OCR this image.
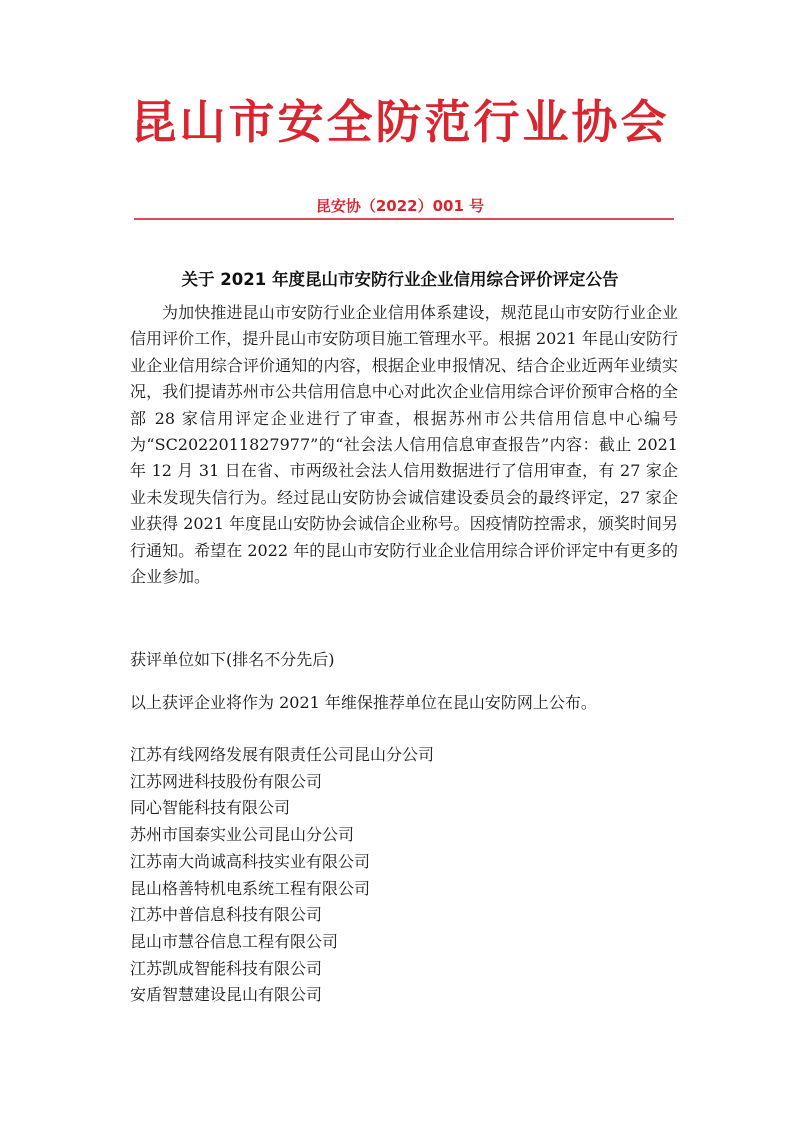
昆山市安全防范行业协会
昆安协（2022）001 号
关于 2021 年度昆山市安防行业企业信用综合评价评定公告

为加快推进昆山市安防行业企业信用体系建设，规范昆山市安防行业企业信用评价工作，提升昆山市安防项目施工管理水平。根据 2021 年昆山安防行业企业信用综合评价通知的内容，根据企业申报情况、结合企业近两年业绩实况，我们提请苏州市公共信用信息中心对此次企业信用综合评价预审合格的全部 28 家信用评定企业进行了审查，根据苏州市公共信用信息中心编号为“SC2022011827977”的“社会法人信用信息审查报告”内容：截止 2021 年 12 月 31 日在省、市两级社会法人信用数据进行了信用审查，有 27 家企业未发现失信行为。经过昆山安防协会诚信建设委员会的最终评定，27 家企业获得 2021 年度昆山安防协会诚信企业称号。因疫情防控需求，颁奖时间另行通知。希望在 2022 年的昆山市安防行业企业信用综合评价评定中有更多的企业参加。

获评单位如下(排名不分先后)
以上获评企业将作为 2021 年维保推荐单位在昆山安防网上公布。
江苏有线网络发展有限责任公司昆山分公司
江苏网进科技股份有限公司
同心智能科技有限公司
苏州市国泰实业公司昆山分公司
江苏南大尚诚高科技实业有限公司
昆山格善特机电系统工程有限公司
江苏中普信息科技有限公司
昆山市慧谷信息工程有限公司
江苏凯成智能科技有限公司
安盾智慧建设昆山有限公司
